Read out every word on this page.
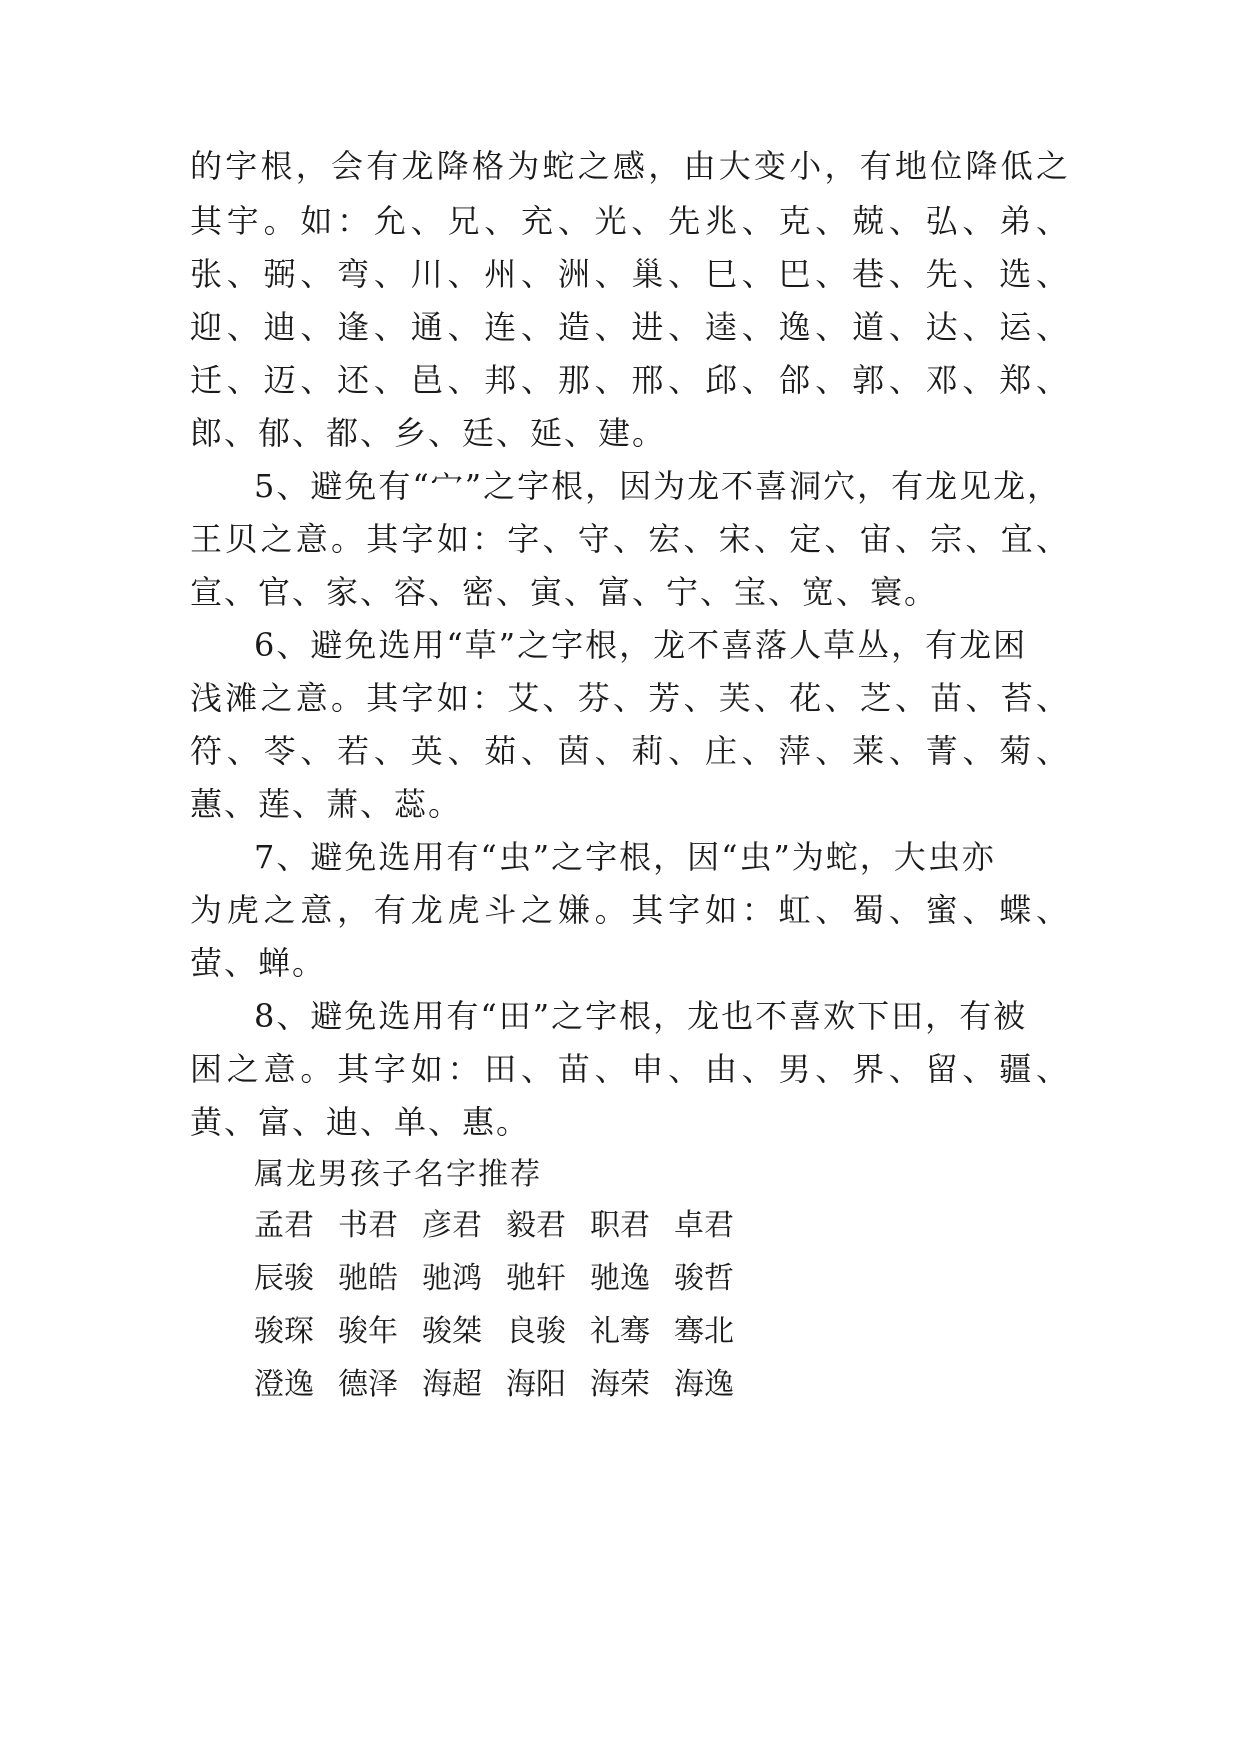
的字根，会有龙降格为蛇之感，由大变小，有地位降低之
其宇。如：允、兄、充、光、先兆、克、兢、弘、弟、
张、弼、弯、川、州、洲、巢、巳、巴、巷、先、选、
迎、迪、逢、通、连、造、进、逵、逸、道、达、运、
迁、迈、还、邑、邦、那、邢、邱、郃、郭、邓、郑、
郎、郁、都、乡、廷、延、建。
5、避免有“宀”之字根，因为龙不喜洞穴，有龙见龙，
王贝之意。其字如：字、守、宏、宋、定、宙、宗、宜、
宣、官、家、容、密、寅、富、宁、宝、宽、寰。
6、避免选用“草”之字根，龙不喜落人草丛，有龙困
浅滩之意。其字如：艾、芬、芳、芙、花、芝、苗、苔、
符、苓、若、英、茹、茵、莉、庄、萍、莱、菁、菊、
蕙、莲、萧、蕊。
7、避免选用有“虫”之字根，因“虫”为蛇，大虫亦
为虎之意，有龙虎斗之嫌。其字如：虹、蜀、蜜、蝶、
萤、蝉。
8、避免选用有“田”之字根，龙也不喜欢下田，有被
困之意。其字如：田、苗、申、由、男、界、留、疆、
黄、富、迪、单、惠。
属龙男孩子名字推荐
孟君 书君 彦君 毅君 职君 卓君
辰骏 驰皓 驰鸿 驰轩 驰逸 骏哲
骏琛 骏年 骏桀 良骏 礼骞 骞北
澄逸 德泽 海超 海阳 海荣 海逸
